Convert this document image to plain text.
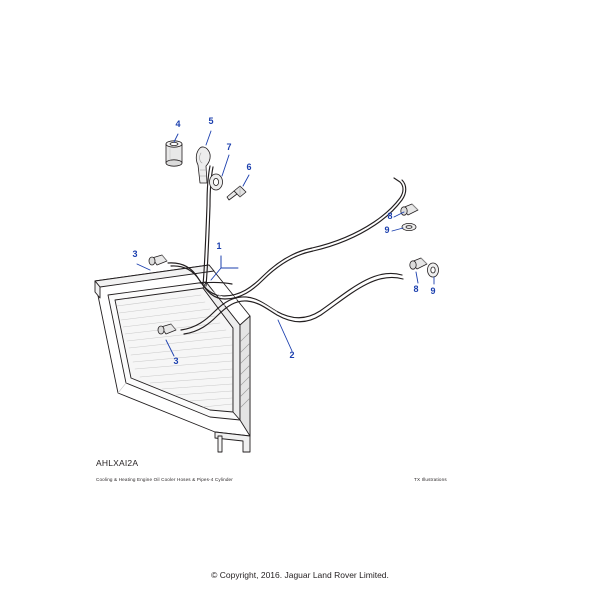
1
2
3
3
4	5
6
7
8
9
8 9
AHLXAI2A
Cooling & Heating Engine Oil Cooler Hoses & Pipes-4 Cylinder	TX Illustrations
© Copyright, 2016. Jaguar Land Rover Limited.
